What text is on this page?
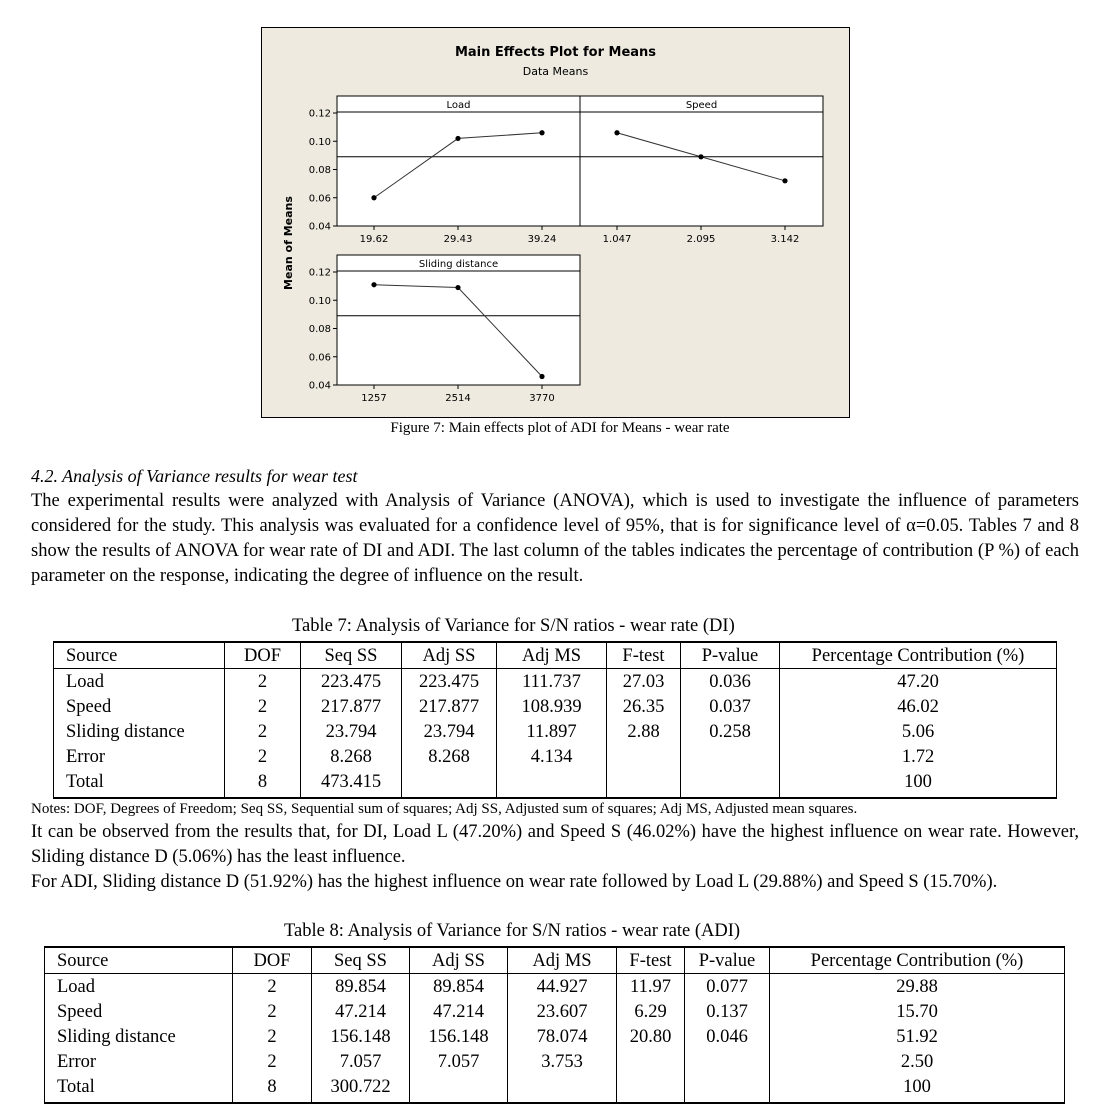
Main Effects Plot for Means
Data Means
Load
0.04
0.06
0.08
0.10
0.12
19.62	29.43	39.24
Speed
1.047	2.095	3.142
Sliding distance
0.04
0.06
0.08
0.10
0.12
1257	2514	3770
Mean of Means
Figure 7: Main effects plot of ADI for Means - wear rate
4.2. Analysis of Variance results for wear test
The experimental results were analyzed with Analysis of Variance (ANOVA), which is used to investigate the influence of parameters considered for the study. This analysis was evaluated for a confidence level of 95%, that is for significance level of α=0.05. Tables 7 and 8 show the results of ANOVA for wear rate of DI and ADI. The last column of the tables indicates the percentage of contribution (P %) of each parameter on the response, indicating the degree of influence on the result.
Table 7: Analysis of Variance for S/N ratios - wear rate (DI)
Source	DOF	Seq SS	Adj SS	Adj MS	F-test	P-value	Percentage Contribution (%)
Load	2	223.475	223.475	111.737	27.03	0.036	47.20
Speed	2	217.877	217.877	108.939	26.35	0.037	46.02
Sliding distance	2	23.794	23.794	11.897	2.88	0.258	5.06
Error	2	8.268	8.268	4.134			1.72
Total	8	473.415					100
Notes: DOF, Degrees of Freedom; Seq SS, Sequential sum of squares; Adj SS, Adjusted sum of squares; Adj MS, Adjusted mean squares.
It can be observed from the results that, for DI, Load L (47.20%) and Speed S (46.02%) have the highest influence on wear rate. However, Sliding distance D (5.06%) has the least influence.
For ADI, Sliding distance D (51.92%) has the highest influence on wear rate followed by Load L (29.88%) and Speed S (15.70%).
Table 8: Analysis of Variance for S/N ratios - wear rate (ADI)
Source	DOF	Seq SS	Adj SS	Adj MS	F-test	P-value	Percentage Contribution (%)
Load	2	89.854	89.854	44.927	11.97	0.077	29.88
Speed	2	47.214	47.214	23.607	6.29	0.137	15.70
Sliding distance	2	156.148	156.148	78.074	20.80	0.046	51.92
Error	2	7.057	7.057	3.753			2.50
Total	8	300.722					100
